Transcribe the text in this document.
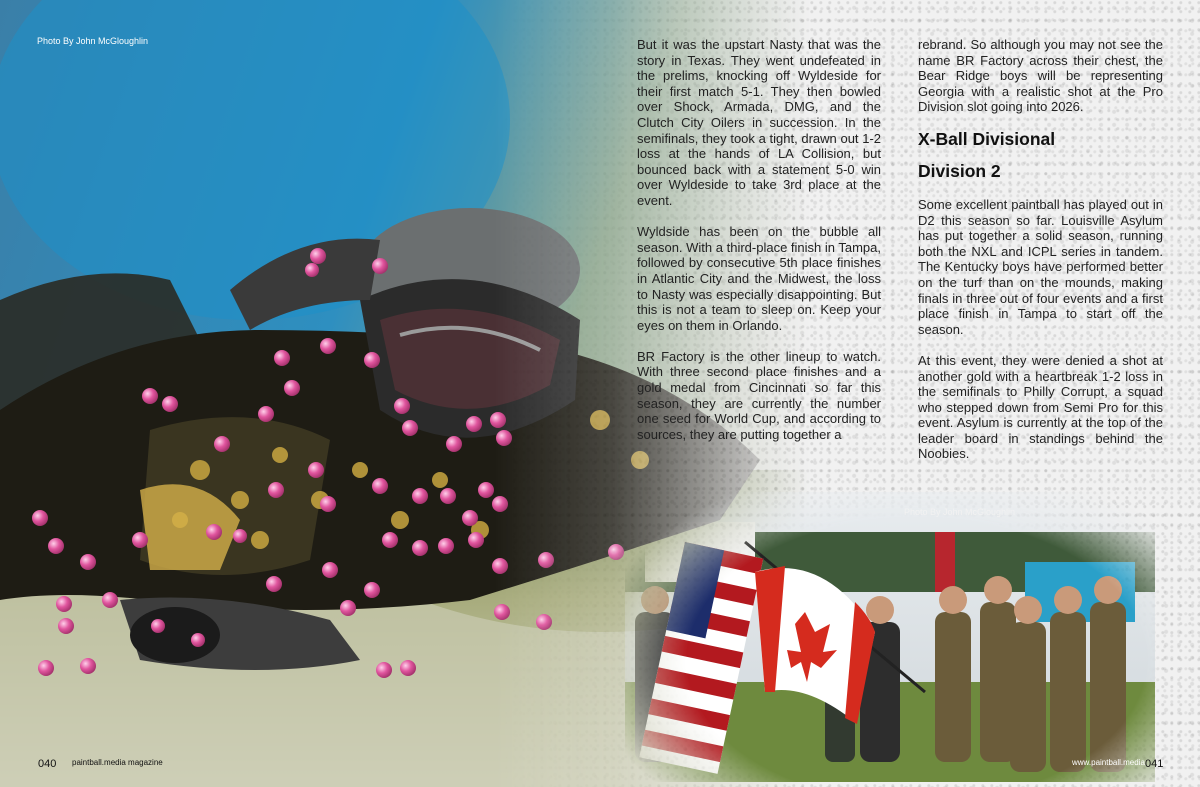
Photo By John McGloughlin
Photo By John McGloughlin

But it was the upstart Nasty that was the story in Texas. They went undefeated in the prelims, knocking off Wyldeside for their first match 5-1. They then bowled over Shock, Armada, DMG, and the Clutch City Oilers in succession. In the semifinals, they took a tight, drawn out 1-2 loss at the hands of LA Collision, but bounced back with a statement 5-0 win over Wyldeside to take 3rd place at the event.

Wyldside has been on the bubble all season. With a third-place finish in Tampa, followed by consecutive 5th place finishes in Atlantic City and the Midwest, the loss to Nasty was especially disappointing. But this is not a team to sleep on. Keep your eyes on them in Orlando.

BR Factory is the other lineup to watch. With three second place finishes and a gold medal from Cincinnati so far this season, they are currently the number one seed for World Cup, and according to sources, they are putting together a

rebrand. So although you may not see the name BR Factory across their chest, the Bear Ridge boys will be representing Georgia with a realistic shot at the Pro Division slot going into 2026.

X-Ball Divisional
Division 2

Some excellent paintball has played out in D2 this season so far. Louisville Asylum has put together a solid season, running both the NXL and ICPL series in tandem. The Kentucky boys have performed better on the turf than on the mounds, making finals in three out of four events and a first place finish in Tampa to start off the season.

At this event, they were denied a shot at another gold with a heartbreak 1-2 loss in the semifinals to Philly Corrupt, a squad who stepped down from Semi Pro for this event. Asylum is currently at the top of the leader board in standings behind the Noobies.

040 paintball.media magazine	www.paintball.media 041
